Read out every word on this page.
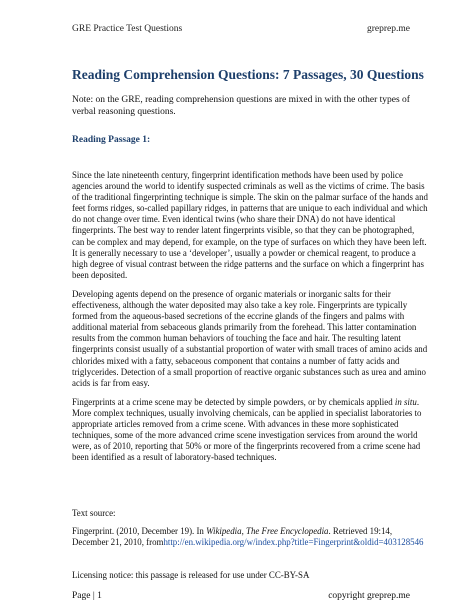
GRE Practice Test Questions	greprep.me
Reading Comprehension Questions: 7 Passages, 30 Questions
Note: on the GRE, reading comprehension questions are mixed in with the other types of verbal reasoning questions.
Reading Passage 1:

Since the late nineteenth century, fingerprint identification methods have been used by police agencies around the world to identify suspected criminals as well as the victims of crime. The basis of the traditional fingerprinting technique is simple. The skin on the palmar surface of the hands and feet forms ridges, so-called papillary ridges, in patterns that are unique to each individual and which do not change over time. Even identical twins (who share their DNA) do not have identical fingerprints. The best way to render latent fingerprints visible, so that they can be photographed, can be complex and may depend, for example, on the type of surfaces on which they have been left. It is generally necessary to use a ‘developer’, usually a powder or chemical reagent, to produce a high degree of visual contrast between the ridge patterns and the surface on which a fingerprint has been deposited.

Developing agents depend on the presence of organic materials or inorganic salts for their effectiveness, although the water deposited may also take a key role. Fingerprints are typically formed from the aqueous-based secretions of the eccrine glands of the fingers and palms with additional material from sebaceous glands primarily from the forehead. This latter contamination results from the common human behaviors of touching the face and hair. The resulting latent fingerprints consist usually of a substantial proportion of water with small traces of amino acids and chlorides mixed with a fatty, sebaceous component that contains a number of fatty acids and triglycerides. Detection of a small proportion of reactive organic substances such as urea and amino acids is far from easy.

Fingerprints at a crime scene may be detected by simple powders, or by chemicals applied in situ. More complex techniques, usually involving chemicals, can be applied in specialist laboratories to appropriate articles removed from a crime scene. With advances in these more sophisticated techniques, some of the more advanced crime scene investigation services from around the world were, as of 2010, reporting that 50% or more of the fingerprints recovered from a crime scene had been identified as a result of laboratory-based techniques.

Text source:
Fingerprint. (2010, December 19). In Wikipedia, The Free Encyclopedia. Retrieved 19:14, December 21, 2010, fromhttp://en.wikipedia.org/w/index.php?title=Fingerprint&oldid=403128546
Licensing notice: this passage is released for use under CC-BY-SA
Page | 1	copyright greprep.me
